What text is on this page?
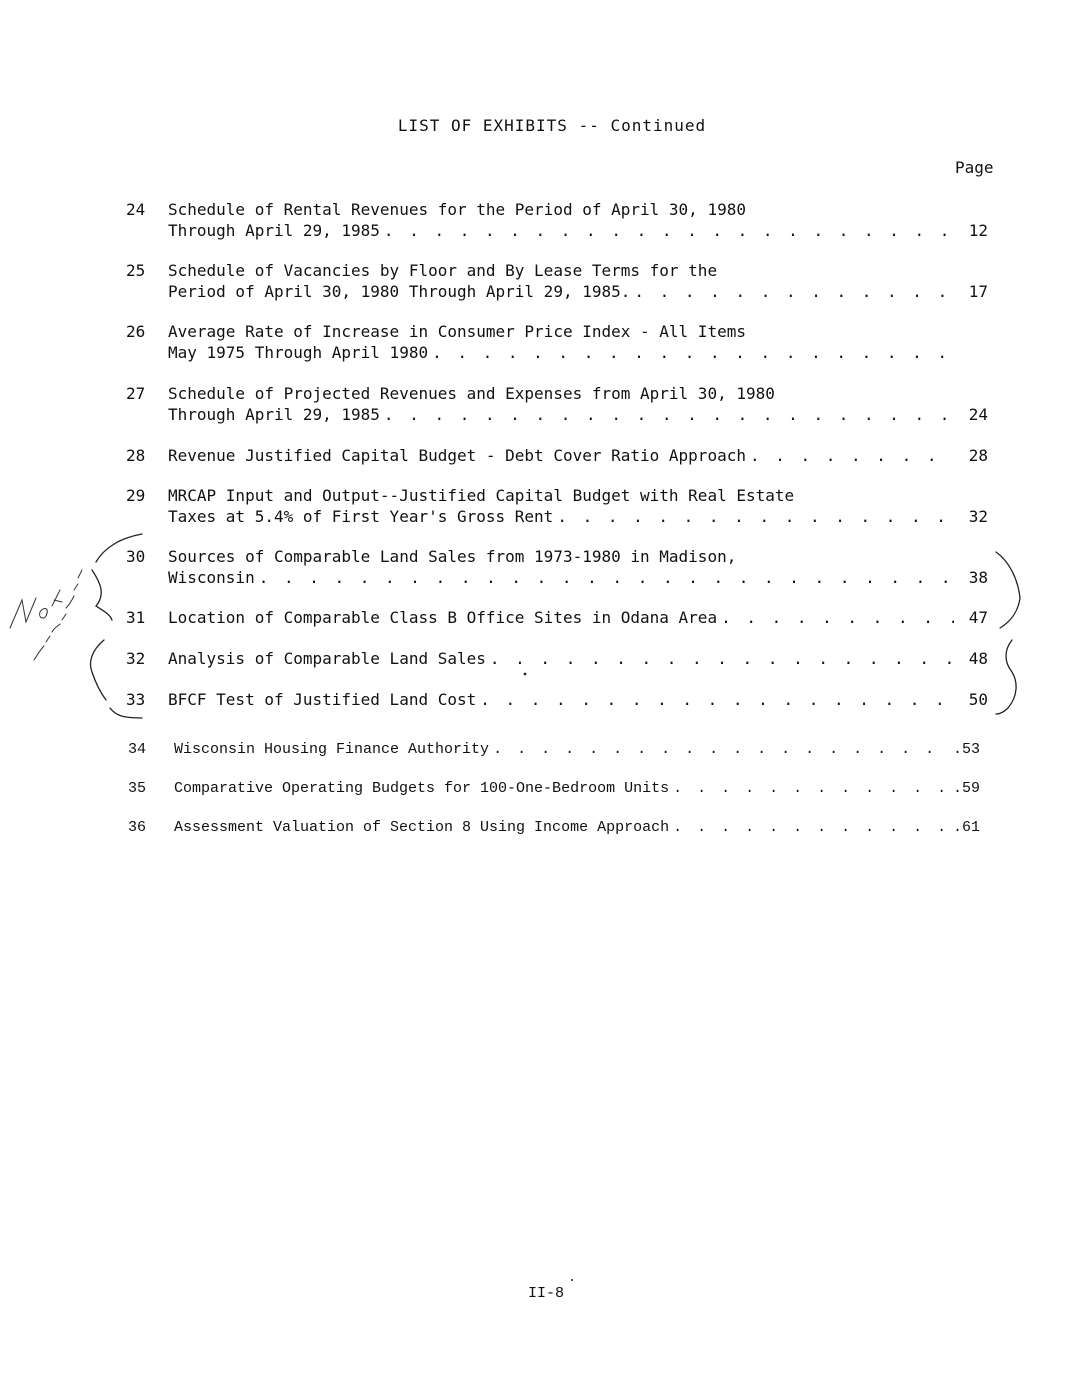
LIST OF EXHIBITS -- Continued
Page
24 Schedule of Rental Revenues for the Period of April 30, 1980
Through April 29, 1985 . . .	12
25 Schedule of Vacancies by Floor and By Lease Terms for the
Period of April 30, 1980 Through April 29, 1985. . . .	17
26 Average Rate of Increase in Consumer Price Index - All Items
May 1975 Through April 1980
. . .
27 Schedule of Projected Revenues and Expenses from April 30, 1980
Through April 29, 1985 . . .	24
28 Revenue Justified Capital Budget - Debt Cover Ratio Approach . . .	28
29 MRCAP Input and Output--Justified Capital Budget with Real Estate
Taxes at 5.4% of First Year's Gross Rent . . .	32
30 Sources of Comparable Land Sales from 1973-1980 in Madison,
Wisconsin . . .	38
31 Location of Comparable Class B Office Sites in Odana Area . . .	47
32 Analysis of Comparable Land Sales . . .	48
33 BFCF Test of Justified Land Cost . . .	50
34 Wisconsin Housing Finance Authority . . .	.53
35 Comparative Operating Budgets for 100-One-Bedroom Units . . .	.59
36 Assessment Valuation of Section 8 Using Income Approach . . .	.61
II-8
